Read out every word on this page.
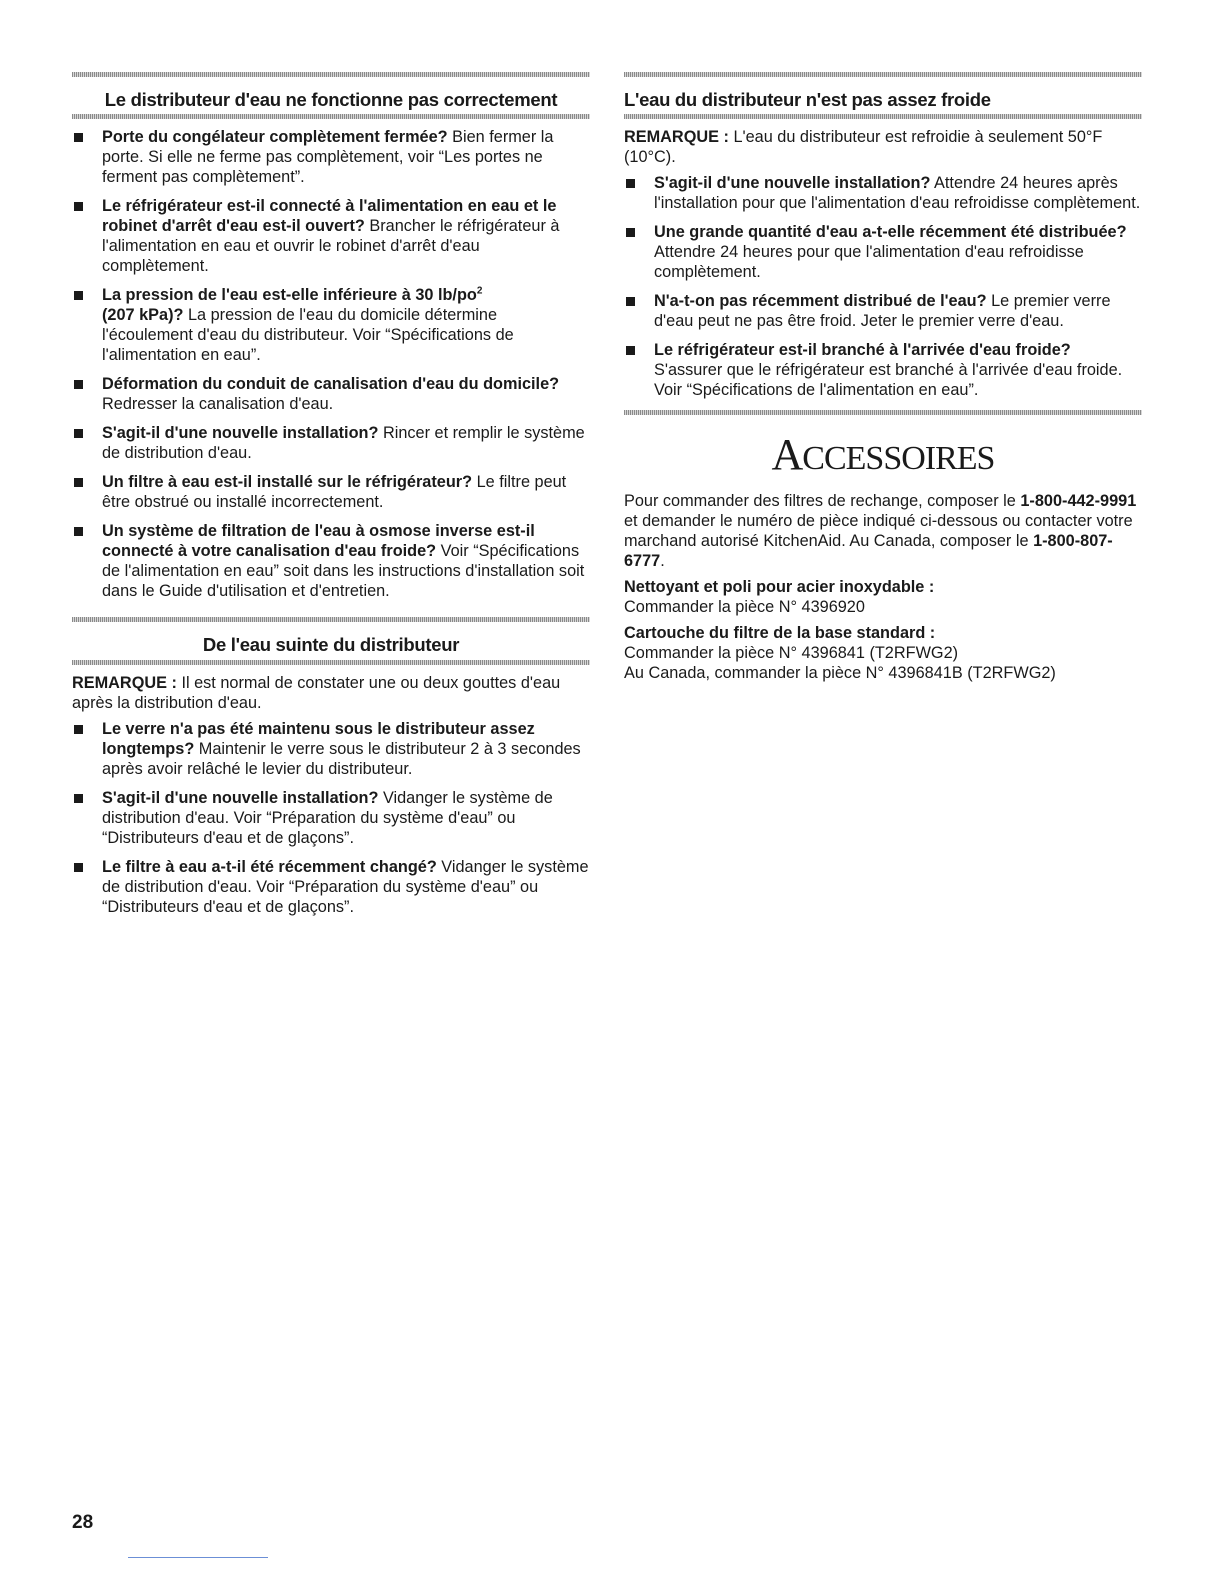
Le distributeur d'eau ne fonctionne pas correctement
Porte du congélateur complètement fermée? Bien fermer la porte. Si elle ne ferme pas complètement, voir “Les portes ne ferment pas complètement”.
Le réfrigérateur est-il connecté à l'alimentation en eau et le robinet d'arrêt d'eau est-il ouvert? Brancher le réfrigérateur à l'alimentation en eau et ouvrir le robinet d'arrêt d'eau complètement.
La pression de l'eau est-elle inférieure à 30 $lb/po^2$
(207 kPa)? La pression de l'eau du domicile détermine l'écoulement d'eau du distributeur. Voir “Spécifications de l'alimentation en eau”.
Déformation du conduit de canalisation d'eau du domicile? Redresser la canalisation d'eau.
S'agit-il d'une nouvelle installation? Rincer et remplir le système de distribution d'eau.
Un filtre à eau est-il installé sur le réfrigérateur? Le filtre peut être obstrué ou installé incorrectement.
Un système de filtration de l'eau à osmose inverse est-il connecté à votre canalisation d'eau froide? Voir “Spécifications de l'alimentation en eau” soit dans les instructions d'installation soit dans le Guide d'utilisation et d'entretien.
De l'eau suinte du distributeur

REMARQUE : Il est normal de constater une ou deux gouttes d'eau après la distribution d'eau.

Le verre n'a pas été maintenu sous le distributeur assez longtemps? Maintenir le verre sous le distributeur 2 à 3 secondes après avoir relâché le levier du distributeur.
S'agit-il d'une nouvelle installation? Vidanger le système de distribution d'eau. Voir “Préparation du système d'eau” ou “Distributeurs d'eau et de glaçons”.
Le filtre à eau a-t-il été récemment changé? Vidanger le système de distribution d'eau. Voir “Préparation du système d'eau” ou “Distributeurs d'eau et de glaçons”.
L'eau du distributeur n'est pas assez froide

REMARQUE : L'eau du distributeur est refroidie à seulement 50°F (10°C).

S'agit-il d'une nouvelle installation? Attendre 24 heures après l'installation pour que l'alimentation d'eau refroidisse complètement.
Une grande quantité d'eau a-t-elle récemment été distribuée? Attendre 24 heures pour que l'alimentation d'eau refroidisse complètement.
N'a-t-on pas récemment distribué de l'eau? Le premier verre d'eau peut ne pas être froid. Jeter le premier verre d'eau.
Le réfrigérateur est-il branché à l'arrivée d'eau froide? S'assurer que le réfrigérateur est branché à l'arrivée d'eau froide. Voir “Spécifications de l'alimentation en eau”.
ACCESSOIRES

Pour commander des filtres de rechange, composer le 1-800-442-9991 et demander le numéro de pièce indiqué ci-dessous ou contacter votre marchand autorisé KitchenAid. Au Canada, composer le 1-800-807-6777.

Nettoyant et poli pour acier inoxydable :

Commander la pièce N° 4396920

Cartouche du filtre de la base standard :

Commander la pièce N° 4396841 (T2RFWG2)

Au Canada, commander la pièce N° 4396841B (T2RFWG2)

28
